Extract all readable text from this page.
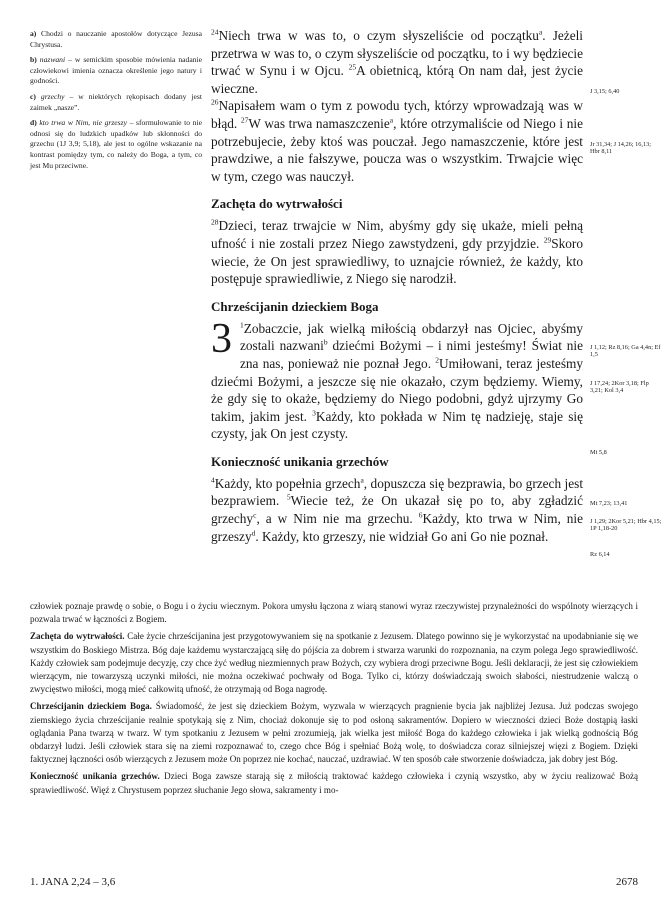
a) Chodzi o nauczanie apostołów dotyczące Jezusa Chrystusa.

b) nazwani – w semickim sposobie mówienia nadanie człowiekowi imienia oznacza określenie jego natury i godności.

c) grzechy – w niektórych rękopisach dodany jest zaimek „nasze”.

d) kto trwa w Nim, nie grzeszy – sformułowanie to nie odnosi się do ludzkich upadków lub skłonności do grzechu (1J 3,9; 5,18), ale jest to ogólne wskazanie na kontrast pomiędzy tym, co należy do Boga, a tym, co jest Mu przeciwne.

$^{24}$Niech trwa w was to, o czym słyszeliście od początku$^a$. Jeżeli przetrwa w was to, o czym słyszeliście od początku, to i wy będziecie trwać w Synu i w Ojcu. $^{25}$A obietnicą, którą On nam dał, jest życie wieczne.

$^{26}$Napisałem wam o tym z powodu tych, którzy wprowadzają was w błąd. $^{27}$W was trwa namaszczenie$^a$, które otrzymaliście od Niego i nie potrzebujecie, żeby ktoś was pouczał. Jego namaszczenie, które jest prawdziwe, a nie fałszywe, poucza was o wszystkim. Trwajcie więc w tym, czego was nauczył.

Zachęta do wytrwałości

$^{28}$Dzieci, teraz trwajcie w Nim, abyśmy gdy się ukaże, mieli pełną ufność i nie zostali przez Niego zawstydzeni, gdy przyjdzie. $^{29}$Skoro wiecie, że On jest sprawiedliwy, to uznajcie również, że każdy, kto postępuje sprawiedliwie, z Niego się narodził.

Chrześcijanin dzieckiem Boga

3 $^1$Zobaczcie, jak wielką miłością obdarzył nas Ojciec, abyśmy zostali nazwani$^b$ dziećmi Bożymi – i nimi jesteśmy! Świat nie zna nas, ponieważ nie poznał Jego. $^2$Umiłowani, teraz jesteśmy dziećmi Bożymi, a jeszcze się nie okazało, czym będziemy. Wiemy, że gdy się to okaże, będziemy do Niego podobni, gdyż ujrzymy Go takim, jakim jest. $^3$Każdy, kto pokłada w Nim tę nadzieję, staje się czysty, jak On jest czysty.

Konieczność unikania grzechów

$^4$Każdy, kto popełnia grzech$^a$, dopuszcza się bezprawia, bo grzech jest bezprawiem. $^5$Wiecie też, że On ukazał się po to, aby zgładzić grzechy$^c$, a w Nim nie ma grzechu. $^6$Każdy, kto trwa w Nim, nie grzeszy$^d$. Każdy, kto grzeszy, nie widział Go ani Go nie poznał.

J 3,15; 6,40
Jr 31,34; J 14,26; 16,13; Hbr 8,11
J 1,12; Rz 8,16; Ga 4,4n; Ef 1,5
J 17,24; 2Kor 3,18; Flp 3,21; Kol 3,4
Mt 5,8
Mt 7,23; 13,41
J 1,29; 2Kor 5,21; Hbr 4,15; 1P 1,18-20
Rz 6,14

człowiek poznaje prawdę o sobie, o Bogu i o życiu wiecznym. Pokora umysłu łączona z wiarą stanowi wyraz rzeczywistej przynależności do wspólnoty wierzących i pozwala trwać w łączności z Bogiem.

Zachęta do wytrwałości. Całe życie chrześcijanina jest przygotowywaniem się na spotkanie z Jezusem. Dlatego powinno się je wykorzystać na upodabnianie się we wszystkim do Boskiego Mistrza. Bóg daje każdemu wystarczającą siłę do pójścia za dobrem i stwarza warunki do rozpoznania, na czym polega Jego sprawiedliwość. Każdy człowiek sam podejmuje decyzję, czy chce żyć według niezmiennych praw Bożych, czy wybiera drogi przeciwne Bogu. Jeśli deklaracji, że jest się człowiekiem wierzącym, nie towarzyszą uczynki miłości, nie można oczekiwać pochwały od Boga. Tylko ci, którzy doświadczają swoich słabości, niestrudzenie walczą o zwycięstwo miłości, mogą mieć całkowitą ufność, że otrzymają od Boga nagrodę.

Chrześcijanin dzieckiem Boga. Świadomość, że jest się dzieckiem Bożym, wyzwala w wierzących pragnienie bycia jak najbliżej Jezusa. Już podczas swojego ziemskiego życia chrześcijanie realnie spotykają się z Nim, chociaż dokonuje się to pod osłoną sakramentów. Dopiero w wieczności dzieci Boże dostąpią łaski oglądania Pana twarzą w twarz. W tym spotkaniu z Jezusem w pełni zrozumieją, jak wielka jest miłość Boga do każdego człowieka i jak wielką godnością Bóg obdarzył ludzi. Jeśli człowiek stara się na ziemi rozpoznawać to, czego chce Bóg i spełniać Bożą wolę, to doświadcza coraz silniejszej więzi z Bogiem. Dzięki faktycznej łączności osób wierzących z Jezusem może On poprzez nie kochać, nauczać, uzdrawiać. W ten sposób całe stworzenie doświadcza, jak dobry jest Bóg.

Konieczność unikania grzechów. Dzieci Boga zawsze starają się z miłością traktować każdego człowieka i czynią wszystko, aby w życiu realizować Bożą sprawiedliwość. Więź z Chrystusem poprzez słuchanie Jego słowa, sakramenty i mo-

1. JANA 2,24 – 3,6	2678
